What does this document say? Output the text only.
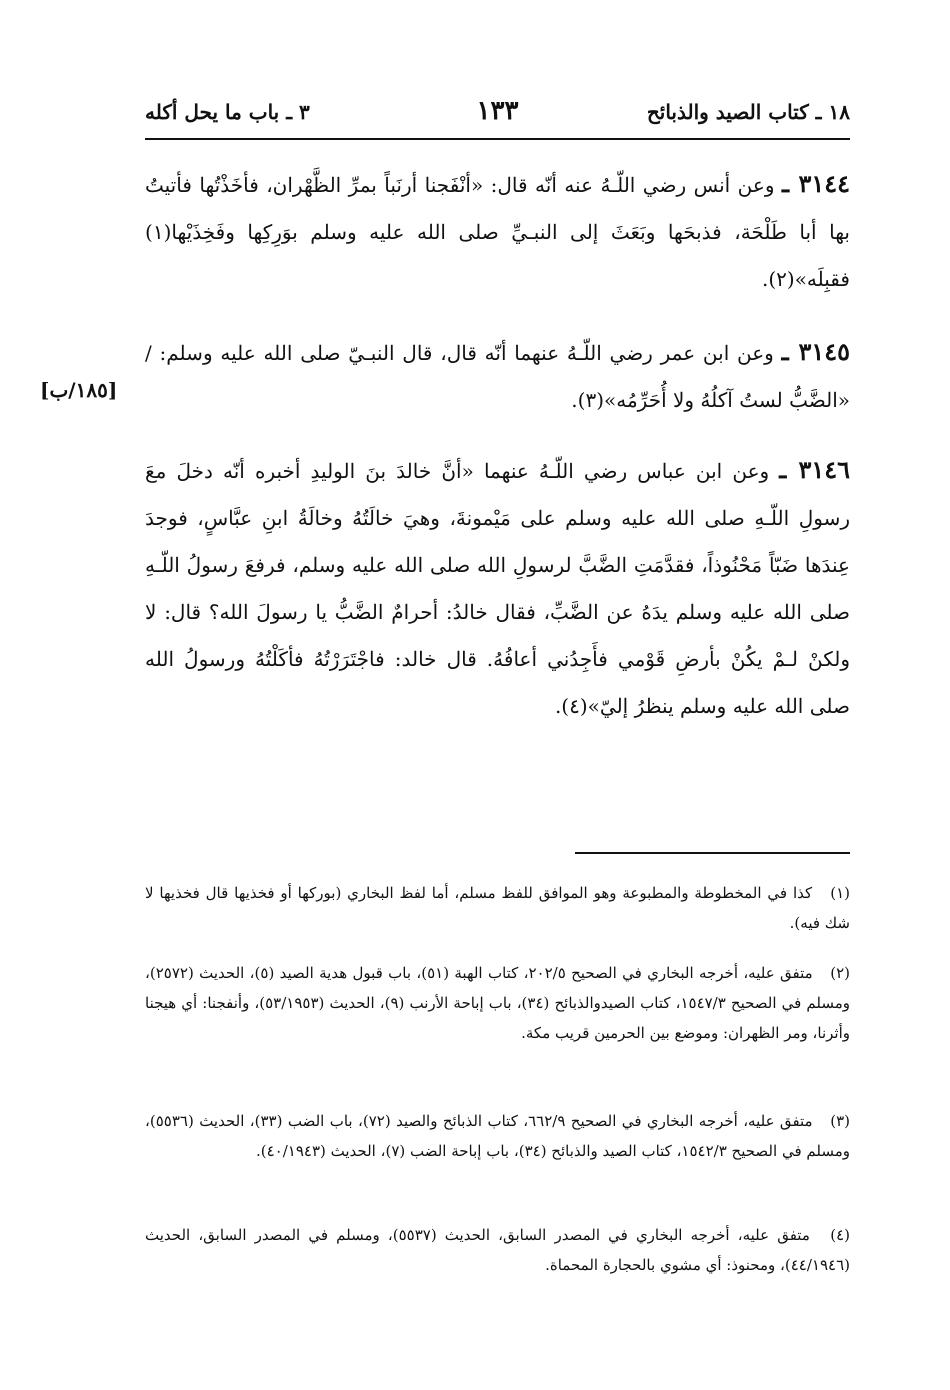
١٨ ـ كتاب الصيد والذبائح
١٣٣
٣ ـ باب ما يحل أكله
٣١٤٤ ـ وعن أنس رضي اللّـهُ عنه أنّه قال: «أنْفَجنا أرنَباً بمرِّ الظَّهْران، فأخَذْتُها فأتيتُ بها أبا طَلْحَة، فذبحَها وبَعَثَ إلى النبـيِّ صلى الله عليه وسلم بوَرِكِها وفَخِذَيْها(١) فقبِلَه»(٢).
٣١٤٥ ـ وعن ابن عمر رضي اللّـهُ عنهما أنّه قال، قال النبـيّ صلى الله عليه وسلم: / «الضَّبُّ لستُ آكلُهُ ولا أُحَرِّمُه»(٣).
[١٨٥/ب]
٣١٤٦ ـ وعن ابن عباس رضي اللّـهُ عنهما «أنَّ خالدَ بنَ الوليدِ أخبره أنّه دخلَ معَ رسولِ اللّـهِ صلى الله عليه وسلم على مَيْمونةَ، وهيَ خالَتُهُ وخالَةُ ابنِ عبَّاسٍ، فوجدَ عِندَها ضَبّاً مَحْنُوذاً، فقدَّمَتِ الضَّبَّ لرسولِ الله صلى الله عليه وسلم، فرفعَ رسولُ اللّـهِ صلى الله عليه وسلم يدَهُ عن الضَّبِّ، فقال خالدُ: أحرامٌ الضَّبُّ يا رسولَ الله؟ قال: لا ولكنْ لـمْ يكُنْ بأرضِ قَوْمي فأَجِدُني أعافُهُ. قال خالد: فاجْتَرَرْتُهُ فأكَلْتُهُ ورسولُ الله صلى الله عليه وسلم ينظرُ إليّ»(٤).
(١) كذا في المخطوطة والمطبوعة وهو الموافق للفظ مسلم، أما لفظ البخاري (بوركها أو فخذيها قال فخذيها لا شك فيه).
(٢) متفق عليه، أخرجه البخاري في الصحيح ٢٠٢/٥، كتاب الهبة (٥١)، باب قبول هدية الصيد (٥)، الحديث (٢٥٧٢)، ومسلم في الصحيح ١٥٤٧/٣، كتاب الصيدوالذبائح (٣٤)، باب إباحة الأرنب (٩)، الحديث (٥٣/١٩٥٣)، وأنفجنا: أي هيجنا وأثرنا، ومر الظهران: وموضع بين الحرمين قريب مكة.
(٣) متفق عليه، أخرجه البخاري في الصحيح ٦٦٢/٩، كتاب الذبائح والصيد (٧٢)، باب الضب (٣٣)، الحديث (٥٥٣٦)، ومسلم في الصحيح ١٥٤٢/٣، كتاب الصيد والذبائح (٣٤)، باب إباحة الضب (٧)، الحديث (٤٠/١٩٤٣).
(٤) متفق عليه، أخرجه البخاري في المصدر السابق، الحديث (٥٥٣٧)، ومسلم في المصدر السابق، الحديث (٤٤/١٩٤٦)، ومحنوذ: أي مشوي بالحجارة المحماة.
